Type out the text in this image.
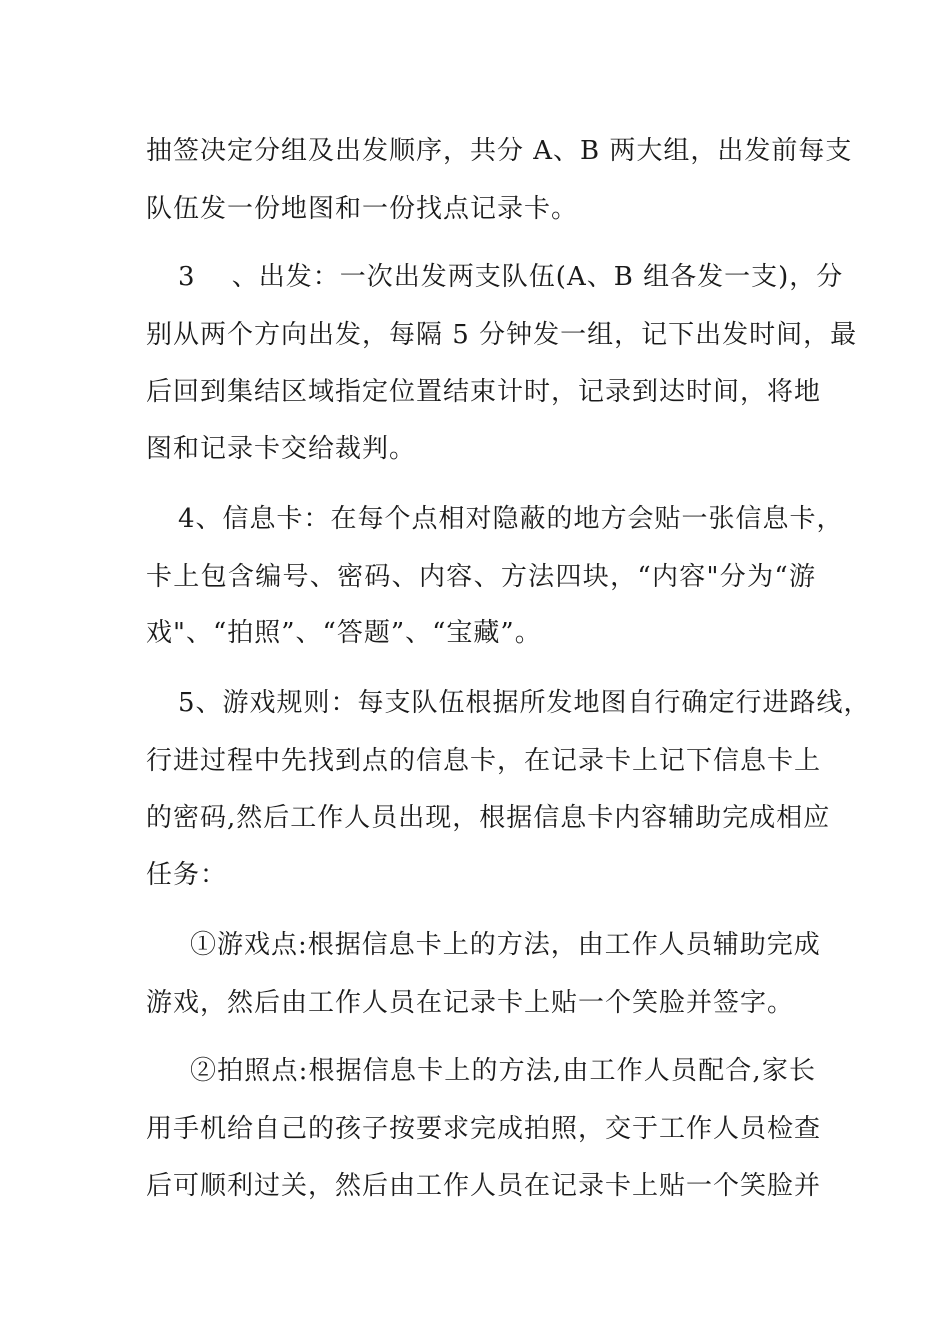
抽签决定分组及出发顺序，共分 A、B 两大组，出发前每支
队伍发一份地图和一份找点记录卡。
3　 、出发：一次出发两支队伍(A、B 组各发一支)，分
别从两个方向出发，每隔 5 分钟发一组，记下出发时间，最
后回到集结区域指定位置结束计时，记录到达时间，将地
图和记录卡交给裁判。
4、信息卡：在每个点相对隐蔽的地方会贴一张信息卡，
卡上包含编号、密码、内容、方法四块，“内容"分为“游
戏"、“拍照”、“答题”、“宝藏”。
5、游戏规则：每支队伍根据所发地图自行确定行进路线，
行进过程中先找到点的信息卡，在记录卡上记下信息卡上
的密码,然后工作人员出现，根据信息卡内容辅助完成相应
任务：
①游戏点:根据信息卡上的方法，由工作人员辅助完成
游戏，然后由工作人员在记录卡上贴一个笑脸并签字。
②拍照点:根据信息卡上的方法,由工作人员配合,家长
用手机给自己的孩子按要求完成拍照，交于工作人员检查
后可顺利过关，然后由工作人员在记录卡上贴一个笑脸并
